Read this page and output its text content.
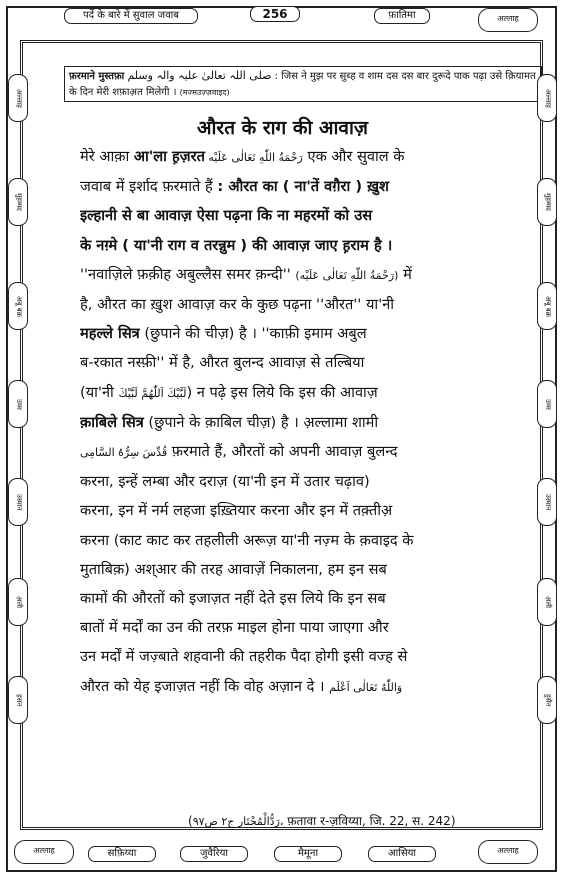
पर्दे के बारे में सुवाल जवाब	256	फ़ातिमा	अल्लाह
फ़रमाने मुस्तफ़ा صلی اللہ تعالیٰ علیہ والہ وسلم : जिस ने मुझ पर सुब्ह व शाम दस दस बार दुरूदे पाक पढ़ा उसे क़ियामत के दिन मेरी शफ़ाअ़त मिलेगी । (मज्मउज़्ज़वाइद)
अल्लाह
मुहम्मद
अबू बक्र
उमर
उस्मान
अ़ली
हसन
अल्लाह
मुहम्मद
अबू बक्र
उमर
उस्मान
अ़ली
हुसैन
औरत के राग की आवाज़
मेरे आक़ा आ'ला ह़ज़रत رَحْمَةُ اللّٰهِ تَعَالٰى عَلَيْه एक और सुवाल के
जवाब में इर्शाद फ़रमाते हैं : औरत का ( ना'तें वग़ैरा ) ख़ुश
इल्हानी से बा आवाज़ ऐसा पढ़ना कि ना महरमों को उस
के नग़्मे ( या'नी राग व तरन्नुम ) की आवाज़ जाए ह़राम है ।
''नवाज़िले फ़क़ीह अबुल्लैस समर क़न्दी'' (رَحْمَةُ اللّٰهِ تَعَالٰى عَلَيْه) में
है, औरत का ख़ुश आवाज़ कर के कुछ पढ़ना ''औरत'' या'नी
महल्ले सित्र (छुपाने की चीज़) है । ''काफ़ी इमाम अबुल
ब-रकात नस्फ़ी'' में है, औरत बुलन्द आवाज़ से तल्बिया
(या'नी لَبَّيْكَ اَللّٰهُمَّ لَبَّيْكَ) न पढ़े इस लिये कि इस की आवाज़
क़ाबिले सित्र (छुपाने के क़ाबिल चीज़) है । अ़ल्लामा शामी
قُدِّسَ سِرُّهُ السَّامِى फ़रमाते हैं, औरतों को अपनी आवाज़ बुलन्द
करना, इन्हें लम्बा और दराज़ (या'नी इन में उतार चढ़ाव)
करना, इन में नर्म लहजा इख़्तियार करना और इन में तक़्तीअ़
करना (काट काट कर तहलीली अरूज़ या'नी नज़्म के क़वाइद के
मुताबिक़) अश्आर की तरह आवाज़ें निकालना, हम इन सब
कामों की औरतों को इजाज़त नहीं देते इस लिये कि इन सब
बातों में मर्दों का उन की तरफ़ माइल होना पाया जाएगा और
उन मर्दों में जज़्बाते शहवानी की तहरीक पैदा होगी इसी वज्ह से
औरत को येह इजाज़त नहीं कि वोह अज़ान दे । وَاللّٰهُ تَعَالٰى اَعْلَم
(رَدُّالْمُحْتَار ج٢ ص٩٧، फ़तावा र-ज़विय्या, जि. 22, स. 242)
अल्लाह	सफ़िय्या	जुवैरिया	मैमूना	आसिया	अल्लाह
